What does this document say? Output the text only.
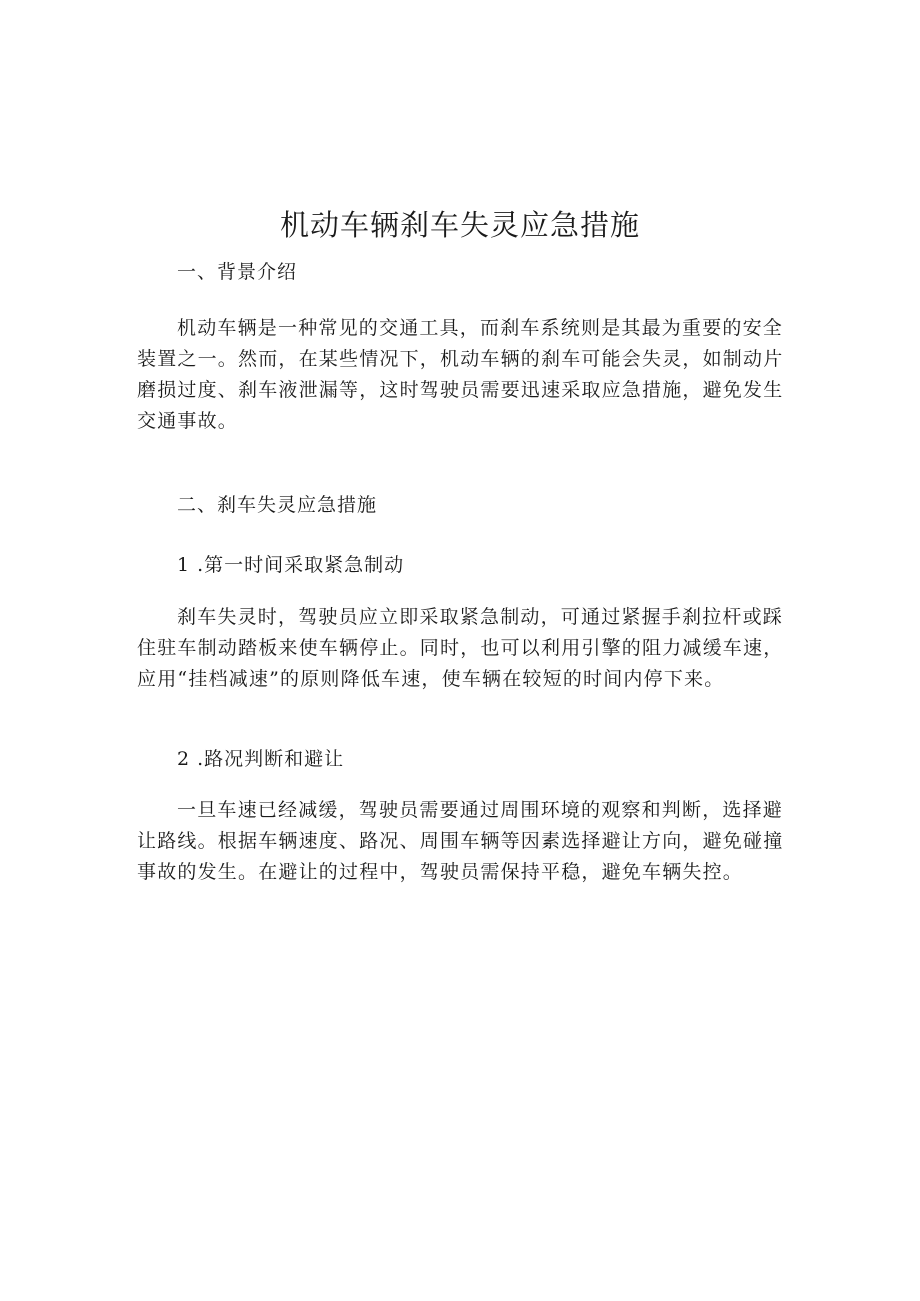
机动车辆刹车失灵应急措施

一、背景介绍

机动车辆是一种常见的交通工具，而刹车系统则是其最为重要的安全
装置之一。然而，在某些情况下，机动车辆的刹车可能会失灵，如制动片
磨损过度、刹车液泄漏等，这时驾驶员需要迅速采取应急措施，避免发生
交通事故。

二、刹车失灵应急措施

1 .第一时间采取紧急制动

刹车失灵时，驾驶员应立即采取紧急制动，可通过紧握手刹拉杆或踩
住驻车制动踏板来使车辆停止。同时，也可以利用引擎的阻力减缓车速，
应用“挂档减速”的原则降低车速，使车辆在较短的时间内停下来。

2 .路况判断和避让

一旦车速已经减缓，驾驶员需要通过周围环境的观察和判断，选择避
让路线。根据车辆速度、路况、周围车辆等因素选择避让方向，避免碰撞
事故的发生。在避让的过程中，驾驶员需保持平稳，避免车辆失控。
